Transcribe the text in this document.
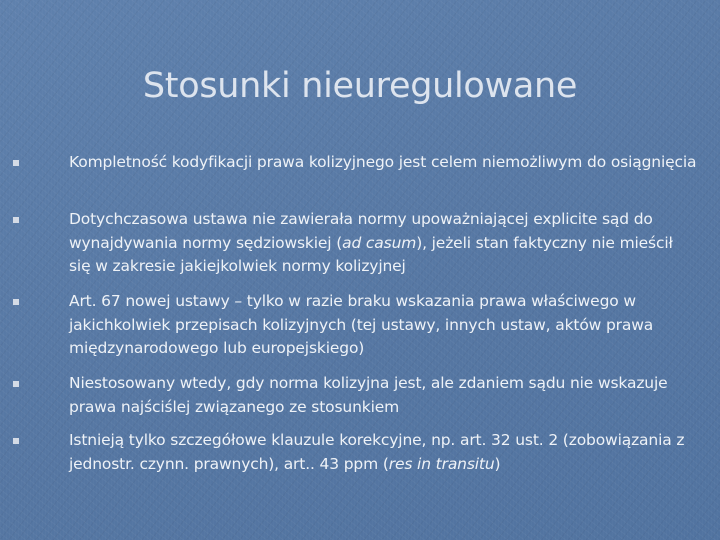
Stosunki nieuregulowane
Kompletność kodyfikacji prawa kolizyjnego jest celem niemożliwym do osiągnięcia
Dotychczasowa ustawa nie zawierała normy upoważniającej explicite sąd do wynajdywania normy sędziowskiej (ad casum), jeżeli stan faktyczny nie mieścił się w zakresie jakiejkolwiek normy kolizyjnej
Art. 67 nowej ustawy – tylko w razie braku wskazania prawa właściwego w jakichkolwiek przepisach kolizyjnych (tej ustawy, innych ustaw, aktów prawa międzynarodowego lub europejskiego)
Niestosowany wtedy, gdy norma kolizyjna jest, ale zdaniem sądu nie wskazuje prawa najściślej związanego ze stosunkiem
Istnieją tylko szczegółowe klauzule korekcyjne, np. art. 32 ust. 2 (zobowiązania z jednostr. czynn. prawnych), art.. 43 ppm (res in transitu)
